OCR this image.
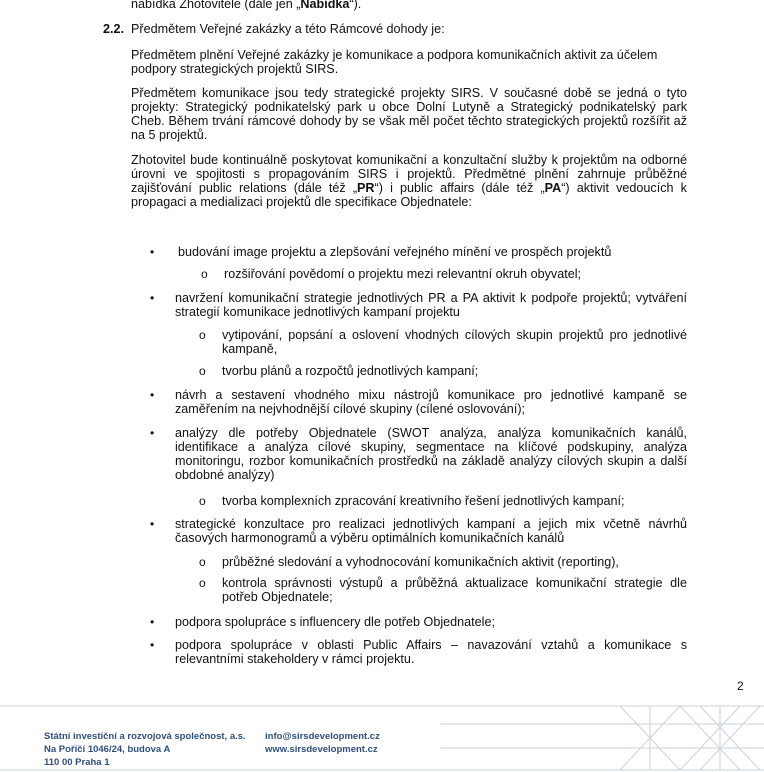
nabídka Zhotovitele (dále jen „Nabídka“).
2.2. Předmětem Veřejné zakázky a této Rámcové dohody je:
Předmětem plnění Veřejné zakázky je komunikace a podpora komunikačních aktivit za účelem podpory strategických projektů SIRS.
Předmětem komunikace jsou tedy strategické projekty SIRS. V současné době se jedná o tyto projekty: Strategický podnikatelský park u obce Dolní Lutyně a Strategický podnikatelský park Cheb. Během trvání rámcové dohody by se však měl počet těchto strategických projektů rozšířit až na 5 projektů.
Zhotovitel bude kontinuálně poskytovat komunikační a konzultační služby k projektům na odborné úrovni ve spojitosti s propagováním SIRS i projektů. Předmětné plnění zahrnuje průběžné zajišťování public relations (dále též „PR“) i public affairs (dále též „PA“) aktivit vedoucích k propagaci a medializaci projektů dle specifikace Objednatele:
• budování image projektu a zlepšování veřejného mínění ve prospěch projektů
o rozšiřování povědomí o projektu mezi relevantní okruh obyvatel;
• navržení komunikační strategie jednotlivých PR a PA aktivit k podpoře projektů; vytváření strategií komunikace jednotlivých kampaní projektu
o vytipování, popsání a oslovení vhodných cílových skupin projektů pro jednotlivé kampaně,
o tvorbu plánů a rozpočtů jednotlivých kampaní;
• návrh a sestavení vhodného mixu nástrojů komunikace pro jednotlivé kampaně se zaměřením na nejvhodnější cílové skupiny (cílené oslovování);
• analýzy dle potřeby Objednatele (SWOT analýza, analýza komunikačních kanálů, identifikace a analýza cílové skupiny, segmentace na klíčové podskupiny, analýza monitoringu, rozbor komunikačních prostředků na základě analýzy cílových skupin a další obdobné analýzy)
o tvorba komplexních zpracování kreativního řešení jednotlivých kampaní;
• strategické konzultace pro realizaci jednotlivých kampaní a jejich mix včetně návrhů časových harmonogramů a výběru optimálních komunikačních kanálů
o průběžné sledování a vyhodnocování komunikačních aktivit (reporting),
o kontrola správnosti výstupů a průběžná aktualizace komunikační strategie dle potřeb Objednatele;
• podpora spolupráce s influencery dle potřeb Objednatele;
• podpora spolupráce v oblasti Public Affairs – navazování vztahů a komunikace s relevantními stakeholdery v rámci projektu.
2
Státní investiční a rozvojová společnost, a.s.
Na Poříčí 1046/24, budova A
110 00 Praha 1
info@sirsdevelopment.cz
www.sirsdevelopment.cz
